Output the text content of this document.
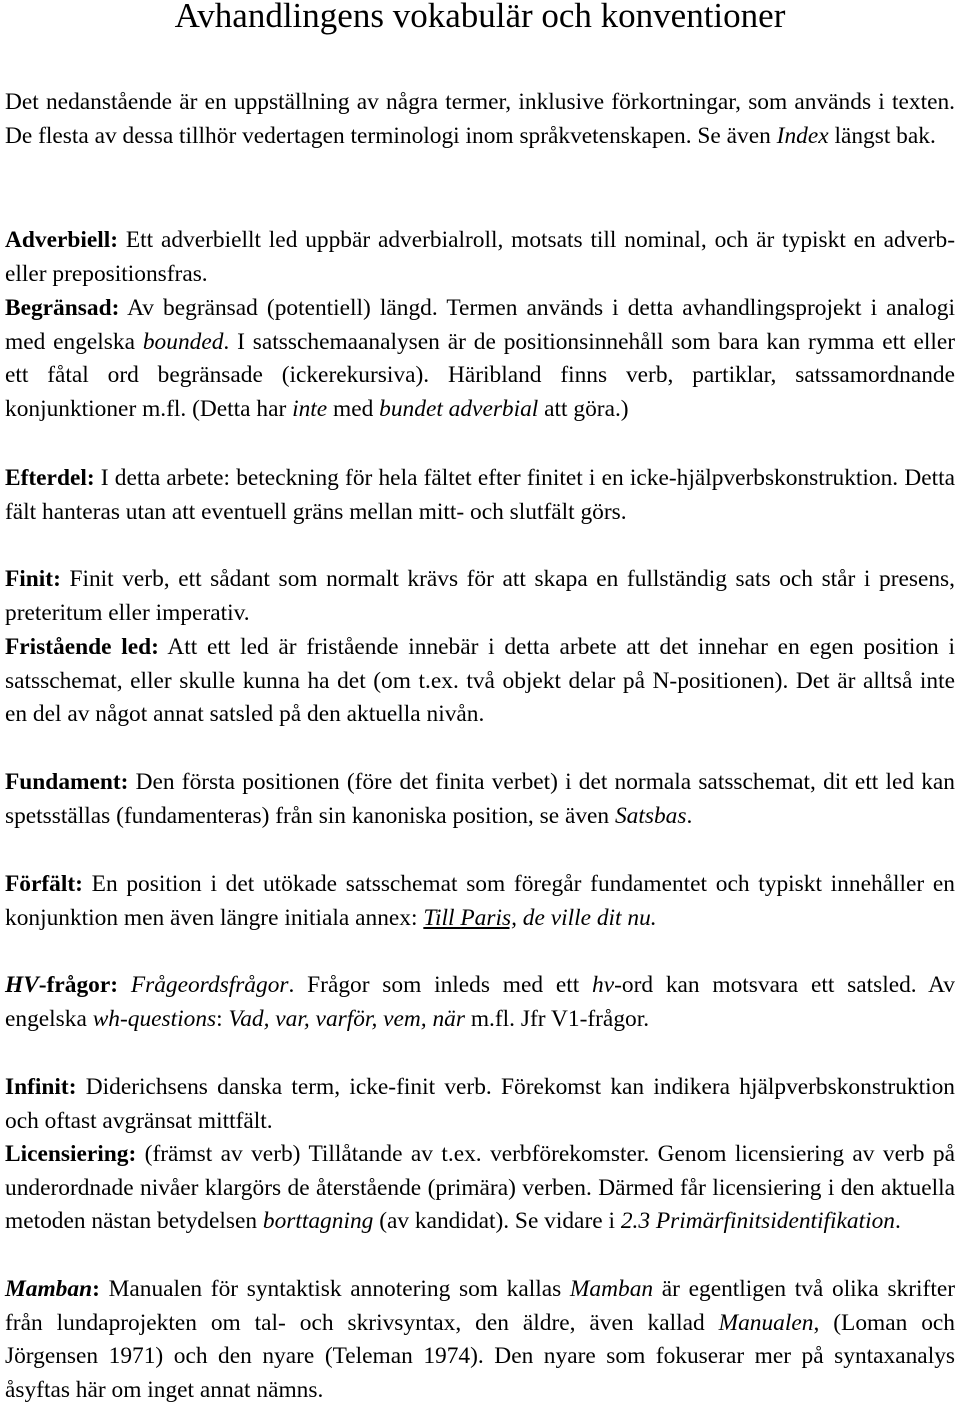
Avhandlingens vokabulär och konventioner

Det nedanstående är en uppställning av några termer, inklusive förkortningar, som används i texten. De flesta av dessa tillhör vedertagen terminologi inom språkvetenskapen. Se även Index längst bak.

Adverbiell: Ett adverbiellt led uppbär adverbialroll, motsats till nominal, och är typiskt en adverb- eller prepositionsfras.

Begränsad: Av begränsad (potentiell) längd. Termen används i detta avhandlingsprojekt i analogi med engelska bounded. I satsschemaanalysen är de positionsinnehåll som bara kan rymma ett eller ett fåtal ord begränsade (ickerekursiva). Häribland finns verb, partiklar, satssamordnande konjunktioner m.fl. (Detta har inte med bundet adverbial att göra.)

Efterdel: I detta arbete: beteckning för hela fältet efter finitet i en icke-hjälpverbskonstruktion. Detta fält hanteras utan att eventuell gräns mellan mitt- och slutfält görs.

Finit: Finit verb, ett sådant som normalt krävs för att skapa en fullständig sats och står i presens, preteritum eller imperativ.

Fristående led: Att ett led är fristående innebär i detta arbete att det innehar en egen position i satsschemat, eller skulle kunna ha det (om t.ex. två objekt delar på N-positionen). Det är alltså inte en del av något annat satsled på den aktuella nivån.

Fundament: Den första positionen (före det finita verbet) i det normala satsschemat, dit ett led kan spetsställas (fundamenteras) från sin kanoniska position, se även Satsbas.

Förfält: En position i det utökade satsschemat som föregår fundamentet och typiskt innehåller en konjunktion men även längre initiala annex: Till Paris, de ville dit nu.

HV-frågor: Frågeordsfrågor. Frågor som inleds med ett hv-ord kan motsvara ett satsled. Av engelska wh-questions: Vad, var, varför, vem, när m.fl. Jfr V1-frågor.

Infinit: Diderichsens danska term, icke-finit verb. Förekomst kan indikera hjälpverbskonstruktion och oftast avgränsat mittfält.

Licensiering: (främst av verb) Tillåtande av t.ex. verbförekomster. Genom licensiering av verb på underordnade nivåer klargörs de återstående (primära) verben. Därmed får licensiering i den aktuella metoden nästan betydelsen borttagning (av kandidat). Se vidare i 2.3 Primärfinitsidentifikation.

Mamban: Manualen för syntaktisk annotering som kallas Mamban är egentligen två olika skrifter från lundaprojekten om tal- och skrivsyntax, den äldre, även kallad Manualen, (Loman och Jörgensen 1971) och den nyare (Teleman 1974). Den nyare som fokuserar mer på syntaxanalys åsyftas här om inget annat nämns.
